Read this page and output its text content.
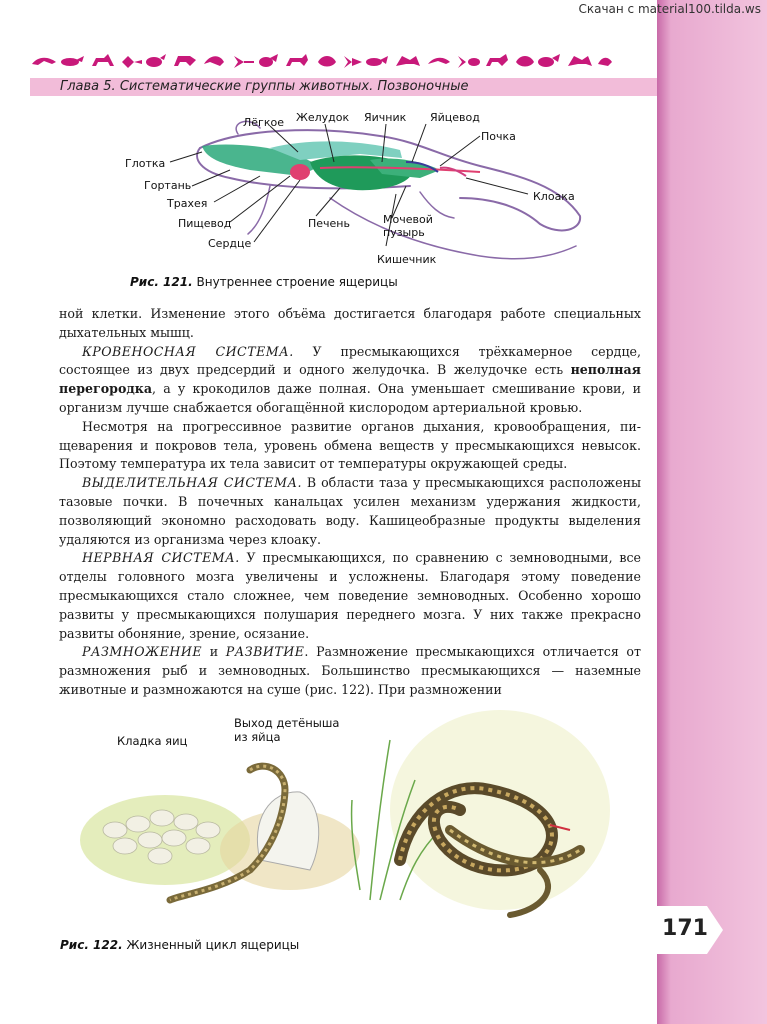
Скачан с material100.tilda.ws
Глава 5. Систематические группы животных. Позвоночные
Лёгкое Желудок Яичник Яйцевод
Почка
Глотка
Гортань
Трахея
Пищевод
Сердце
Печень	Мочевой
пузырь
Кишечник
Клоака
Рис. 121. Внутреннее строение ящерицы

ной клетки. Изменение этого объёма достигается благодаря работе специальных дыхательных мышц.

КРОВЕНОСНАЯ СИСТЕМА. У пресмыкающихся трёхкамерное сердце, состоящее из двух предсердий и одного желудочка. В желудочке есть неполная перегородка, а у крокодилов даже полная. Она уменьшает смешивание крови, и организм лучше снабжается обогащённой кислородом артериальной кровью.

Несмотря на прогрессивное развитие органов дыхания, кровообращения, пищеварения и покровов тела, уровень обмена веществ у пресмыкающихся невысок. Поэтому температура их тела зависит от температуры окружающей среды.

ВЫДЕЛИТЕЛЬНАЯ СИСТЕМА. В области таза у пресмыкающихся расположены тазовые почки. В почечных канальцах усилен механизм удержания жидкости, позволяющий экономно расходовать воду. Кашицеобразные продукты выделения удаляются из организма через клоаку.

НЕРВНАЯ СИСТЕМА. У пресмыкающихся, по сравнению с земноводными, все отделы головного мозга увеличены и усложнены. Благодаря этому поведение пресмыкающихся стало сложнее, чем поведение земноводных. Особенно хорошо развиты у пресмыкающихся полушария переднего мозга. У них также прекрасно развиты обоняние, зрение, осязание.

РАЗМНОЖЕНИЕ и РАЗВИТИЕ. Размножение пресмыкающихся отличается от размножения рыб и земноводных. Большинство пресмыкающихся — наземные животные и размножаются на суше (рис. 122). При размножении

Кладка яиц
Выход детёныша
из яйца
Рис. 122. Жизненный цикл ящерицы
171
